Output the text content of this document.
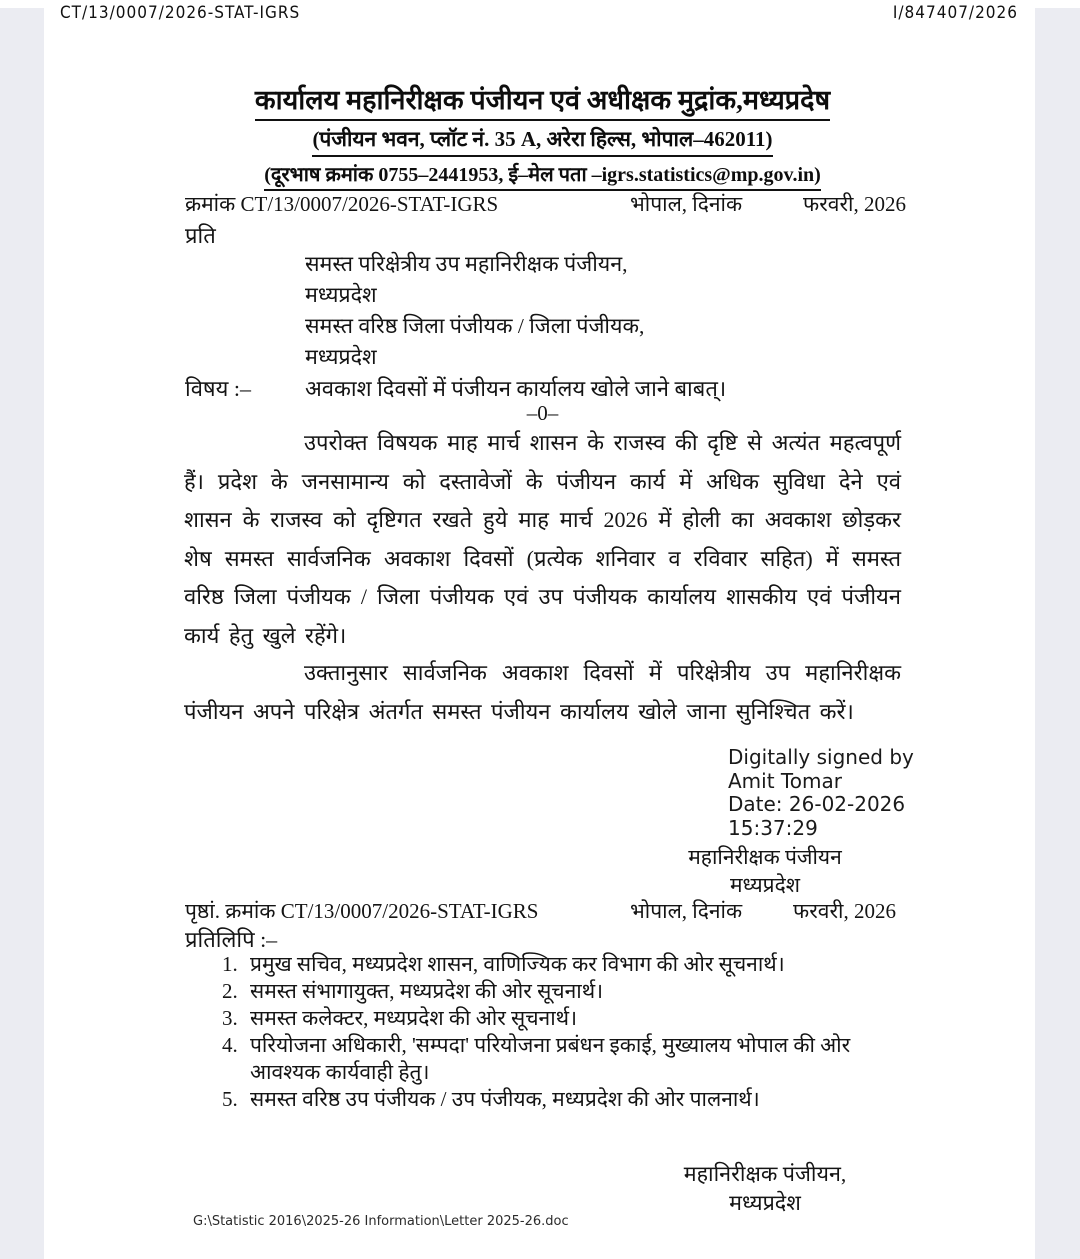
CT/13/0007/2026-STAT-IGRS	I/847407/2026
कार्यालय महानिरीक्षक पंजीयन एवं अधीक्षक मुद्रांक,मध्यप्रदेष
(पंजीयन भवन, प्लॉट नं. 35 A, अरेरा हिल्स, भोपाल–462011)
(दूरभाष क्रमांक 0755–2441953, ई–मेल पता –igrs.statistics@mp.gov.in)
क्रमांक CT/13/0007/2026-STAT-IGRS	भोपाल, दिनांक	फरवरी, 2026
प्रति
समस्त परिक्षेत्रीय उप महानिरीक्षक पंजीयन,
मध्यप्रदेश
समस्त वरिष्ठ जिला पंजीयक / जिला पंजीयक,
मध्यप्रदेश
विषय :– अवकाश दिवसों में पंजीयन कार्यालय खोले जाने बाबत्।
–0–
उपरोक्त विषयक माह मार्च शासन के राजस्व की दृष्टि से अत्यंत महत्वपूर्ण हैं। प्रदेश के जनसामान्य को दस्तावेजों के पंजीयन कार्य में अधिक सुविधा देने एवं शासन के राजस्व को दृष्टिगत रखते हुये माह मार्च 2026 में होली का अवकाश छोड़कर शेष समस्त सार्वजनिक अवकाश दिवसों (प्रत्येक शनिवार व रविवार सहित) में समस्त वरिष्ठ जिला पंजीयक / जिला पंजीयक एवं उप पंजीयक कार्यालय शासकीय एवं पंजीयन कार्य हेतु खुले रहेंगे।
उक्तानुसार सार्वजनिक अवकाश दिवसों में परिक्षेत्रीय उप महानिरीक्षक पंजीयन अपने परिक्षेत्र अंतर्गत समस्त पंजीयन कार्यालय खोले जाना सुनिश्चित करें।
Digitally signed by
Amit Tomar
Date: 26-02-2026
15:37:29
महानिरीक्षक पंजीयन
मध्यप्रदेश
पृष्ठां. क्रमांक CT/13/0007/2026-STAT-IGRS	भोपाल, दिनांक फरवरी, 2026
प्रतिलिपि :–
1. प्रमुख सचिव, मध्यप्रदेश शासन, वाणिज्यिक कर विभाग की ओर सूचनार्थ।
2. समस्त संभागायुक्त, मध्यप्रदेश की ओर सूचनार्थ।
3. समस्त कलेक्टर, मध्यप्रदेश की ओर सूचनार्थ।
4. परियोजना अधिकारी, 'सम्पदा' परियोजना प्रबंधन इकाई, मुख्यालय भोपाल की ओर आवश्यक कार्यवाही हेतु।
5. समस्त वरिष्ठ उप पंजीयक / उप पंजीयक, मध्यप्रदेश की ओर पालनार्थ।
महानिरीक्षक पंजीयन,
मध्यप्रदेश
G:\Statistic 2016\2025-26 Information\Letter 2025-26.doc
